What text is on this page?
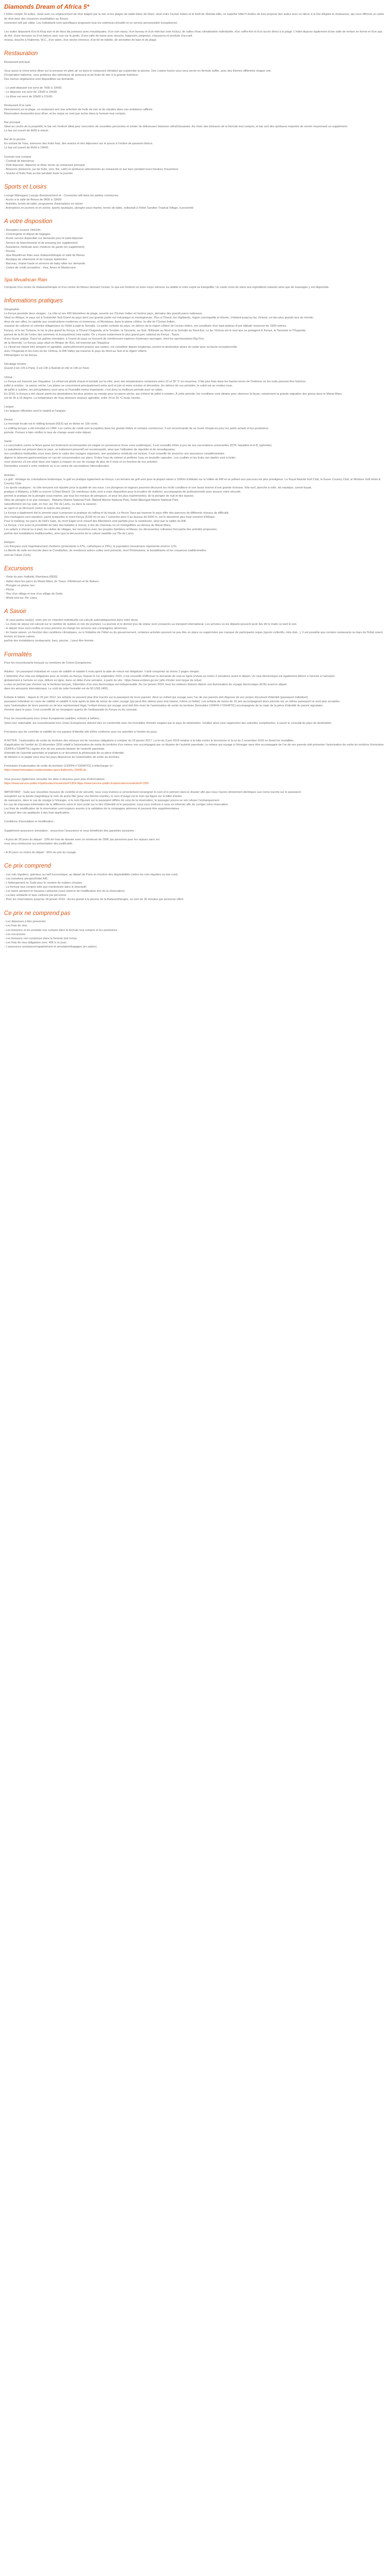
Diamonds Dream of Africa 5*
L'hôtel compte 33 suites. Juste avec un emplacement de rêve baigné par la mer et les plages de sable blanc de Diani, situé entre l'océan Indien et la forêt de Shimba Hills, ce superbe hôtel 5 étoiles de luxe propose des suites avec un décor à la fois élégant et chaleureux, qui vous offriront un cadre de rêve pour des vacances inoubliables au Kenya.
connexion wifi par câble. Les individuels sont spécifiques proposent tous les extérieurs privatifs et un service personnalisé exceptionnel.
Les suites disposent d'un lit King size et de deux lits jumeaux avec moustiquaire, d'un coin repos, d'un bureau et d'un mini-bar (non inclus), de salles d'eau climatisation individuelle, d'un coffre-fort et d'un accès direct à la plage. L'hôtel dispose également d'une salle de remise en forme et d'un spa.
du thé, d'une terrasse ou d'un balcon avec vue sur le jardin, d'une salle de bains avec douche, baignoire, peignoirs, chaussons et produits d'accueil.
réseau, douche à l'italienne, W.C., d'un salon, d'un sèche-cheveux, d'un kit de toilette, de serviettes de bain et de plage.
Restauration
Restaurant principal
Vous aurez le choix entre dîner sur la terrasse en plein air ou dans le restaurant climatisé qui surplombe la piscine. Une cuisine fusion vous sera servie en formule buffet, avec des thèmes différents chaque soir.
D'inspiration italienne, vous goûterez des sélections de poissons et de fruits de mer à la grande fraîcheur.
Des menus végétariens sont disponibles sur demande.
- Le petit déjeuner est servi de 7h00 à 10h00.
- Le déjeuner est servi de 13h00 à 14h30.
- Le dîner est servi de 20h00 à 21h30.
Restaurant À la carte
Directement sur la plage, ce restaurant sert une sélection de fruits de mer et de viandes dans une ambiance raffinée.
Réservation demandée pour dîner, et les repas ne sont pas inclus dans la formule tout compris.
Bar principal
Situé au centre de la propriété, le bar est l'endroit idéal pour rencontrer de nouvelles personnes et siroter de délicieuses boissons rafraîchissantes. Au choix des boissons de la formule tout compris, le bar sert des spiritueux importés de renom moyennant un supplément.
Le bar est ouvert de 9h00 à minuit.
Bar de la piscine
En sortant de l'eau, savourez des fruits frais, des snacks et des déjeuners sur le pouce à l'ombre de parasols blancs.
Le bar est ouvert de 9h00 à 19h00.
Formule tout compris
- Cocktail de bienvenue
- Petit déjeuner, déjeuner et dîner servis au restaurant principal
- Boissons (boissons, jus de fruits, vins, thé, café) et spiritueux sélectionnés au restaurant et aux bars pendant leurs horaires d'ouverture
- Snacks et fruits frais au bar pendant toute la journée
Sports et Loisirs
Lounge Mahogany Lounge divertissement et - Connexion wifi dans les parties communes
- Accès à la salle de fitness de 9h00 à 19h00
- Activités, tennis de table, programme d'animations en soirée
- Animations en journée et en soirée, sports nautiques, plongée sous-marine, tennis de table, volleyball à l'hôtel Sandies Tropical Village, à proximité
A votre disposition
- Réception ouverte 24h/24h
- Conciergerie et départ de bagages
- Room service disponible sur demande pour le petit-déjeuner
- Service de blanchisserie et de pressing (en supplément)
- Assistance médicale avec médecin de garde (en supplément)
- Piscine
- Spa Msuafrican Rain avec thalassothérapie et salle de fitness
- Boutique de vêtements et de marque éphémère
- Barceau, chaise haute et services de baby-sitter sur demande
- Cartes de crédit acceptées : Visa, Amex et Mastercard.
Spa Mvuafrican Rain
Composé d'un centre de thalassothérapie et d'un centre de fitness donnant l'océan, le spa est l'endroit où votre corps retrouve sa vitalité et votre esprit sa tranquillité. Un vaste choix de soins aux ingrédients naturels ainsi que de massages y est disponible.
Informations pratiques
Géographie :
Le Kenya possède deux visages : La côte et ses 400 kilomètres de plage, ouverte sur l'Océan Indien et l'arrière pays, domaine des grands parcs nationaux.
Situé en Afrique, le pays est à l'extrémité Sud-Ouest du pays dont une grande partie est volcanique et montagneuse. Plus à l'Ouest, les Highlands, région cosmopolite et élevée, s'étalent jusqu'au lac Victoria, un des plus grands lacs du monde.
deux de ses villes, la capitale aux constructions modernes et immenses, et Mombasa, dans la plaine côtière, la ville de l'Océan Indien.
massive de cultures et colonies villageoises où l'hôtel a jugé la Somalie. La partie centrale du pays, en dehors de la région côtière de l'océan Indien, est constituée d'un haut plateau d'une altitude moyenne de 1500 mètres.
Kenya), et le lac Turkana, le lac le plus grand du Kenya, à l'Ouest l'Ouganda, et le Soudan, la Tanzanie, au Sud, l'Éthiopie au Nord et la Somalie au Nord-Est. Le lac Victoria est le seul que se partagent le Kenya, la Tanzanie et l'Ouganda.
partout de la fin de l'ordre des sommets et écosystèmes très variés. On y trouve notamment le plus grand parc national du Kenya : Tsavo.
d'une faune unique. Dans les parties orientales, à l'ouest du pays se trouvent de nombreuses espèces d'animaux sauvages, dont les spectaculaires Big Five.
de la diversité. Le Kenya, pays situé en Afrique de l'Est, est traversé par l'équateur.
Le climat est réputé être tempéré et agréable, particulièrement propice aux safaris, est considéré depuis longtemps comme la destination phare du safari pour sa faune exceptionnelle.
avec l'Ouganda et les rives du lac Victoria, le Rift Valley qui traverse le pays du Nord au Sud et la région côtière.
Kilimandjaro vu du Kenya.
Décalage horaire :
Quand il est 12h à Paris, il est 13h à Nairobi en été et 14h en hiver.
Climat :
Le Kenya est traversé par l'équateur. Le climat est plutôt chaud et humide sur la côte, avec des températures comprises entre 22 et 30 °C en moyenne. Il fait plus frais dans les hautes terres de l'intérieur où les nuits peuvent être fraîches.
juillet à octobre : la saison sèche. Les pluies se concentrent principalement entre avril et juin et entre octobre et décembre. En dehors de ces périodes, le soleil est au rendez-vous.
de juillet à octobre, les précipitations sont rares et l'humidité moins importante, c'est donc la meilleure période pour un safari.
En 2016, le Kenya a été classé parmi les destinations les plus prisées au monde pour la saison sèche, qui s'étend de juillet à octobre. À cette période, les conditions sont idéales pour observer la faune, notamment la grande migration des gnous dans le Masai Mara.
est de 36 à 16 degrés. La température de l'eau demeure toujours agréable, entre 24 et 29 °C toute l'année.
Langue :
Les langues officielles sont le swahili et l'anglais.
Devise :
La monnaie locale est le shilling kenyan (KES) qui se divise en 100 cents.
Le shilling kenyan a été introduit en 1966. Les cartes de crédit sont acceptées dans les grands hôtels et certains commerces. Il est recommandé de se munir d'espèces pour les petits achats et les pourboires.
période. Pensez à bien vérifier le taux de change avant votre départ.
Santé :
La vaccination contre la fièvre jaune est fortement recommandée (et exigée en provenance d'une zone endémique). Il est conseillé d'être à jour de ses vaccinations universelles (DTP, hépatites A et B, typhoïde).
Le paludisme est présent dans le pays, un traitement préventif est recommandé, ainsi que l'utilisation de répulsifs et de moustiquaires.
nos conditions habituelles vous avez dans le cadre des voyages organisés, une assistance médicale est incluse. Il est conseillé de souscrire une assurance complémentaire.
digérer le tabouret gastronomique en cas de consommation sur place. Évitez l'eau du robinet et préférez l'eau en bouteille capsulée. Les crudités et les fruits non épelés sont à éviter.
vous réservez s'il est situé dans une région à risques en cas de voyage de plus de 6 mois et en fonction de vos activités.
Demandez conseil à votre médecin ou à un centre de vaccinations internationales.
Activités :
La golf : Héritage du colonialisme britannique, le golf se pratique également au Kenya. Les terrains de golf sont pour la plupart situés à 1500m d'altitude sur la Vallée du Rift et se prêtent aux parcours les plus prestigieux. Le Royal Nairobi Golf Club, le Karen Country Club, le Windsor Golf Hotel & Country Club.
Les sports nautiques : la côte kenyane est réputée pour la qualité de ses eaux. Les plongeurs et nageurs pourront découvrir les récifs coralliens et une faune marine d'une grande richesse. Kite-surf, planche à voile, ski nautique, canoë-kayak.
pratique à Watamu, à Kilifi ou encore à Diani Beach. De nombreux clubs sont à votre disposition pour la location de matériel, accompagnés de professionnels pour assurer votre sécurité.
permet la pratique de la plongée sous-marine, par tous les niveaux de plongeurs, et pour les plus expérimentés, de la plongée de nuit et des épaves.
Sites de plongée à ne pas manquer : Watamu Marine National Park, Malindi Marine National Park, Kisite-Mpunguti Marine National Park.
naturellement (en lac salé, en mer, sur l'île de Lamu, ou dans la savane).
au sport et se découvrir (selon la saison des pluies).
Le Kenya a également été le premier pays à proposer la pratique du rafting et du kayak. Le fleuve Tana qui traverse le pays offre des parcours de différents niveaux de difficulté.
Ses montagnes sont réputées, parmi lesquelles le mont Kenya (5199 m) et ses 7 sommets dont 3 au-dessus de 5000 m, est le deuxième plus haut sommet d'Afrique.
Pour le trekking, les parcs de Hell's Gate, du mont Elgon et le massif des Aberdares sont parfaits pour la randonnée, ainsi que la vallée du Rift.
Le Kenya, c'est aussi la possibilité de faire des balades à cheval, à dos de chameau ou en montgolfière au-dessus du Masai Mara.
Les safaris à cheval ou à pied, les visites de villages, les rencontres avec les peuples Samburu et Masaï, les découvertes culinaires font partie des activités proposées.
parfois des installations traditionnelles, ainsi que la découverte de la culture swahilie sur l'île de Lamu.
Religion :
Les Kenyans sont majoritairement chrétiens (protestants à 47%, catholiques à 23%), la population musulmane représente environ 11%.
La liberté de culte est inscrite dans la Constitution, de nombreux autres cultes sont présents, dont l'hindouisme, le bouddhisme et les croyances traditionnelles.
sont de l'islam (11%).
Excursions
- Visite du parc Hallwild, Mombasa (6830)
- Safari dans les parcs du Masai Mara, de Tsavo, d'Amboseli et de Nakuru
- Plongée en pleine mer
- Pêche
- Tour d'un village et tour d'un village de Gede
- Week-end sur l'île Lamu
A Savoir
- Si vous partez seul(e), votre prix en chambre individuelle est calculé automatiquement dans votre devis.
- Le choix de séjour est calculé sur le nombre de nuitées et non de journées. La journée et le dernier jour de séjour sont consacrés au transport international. Les arrivées ou les départs peuvent avoir lieu tôt le matin ou tard le soir.
- le départ nous sont confiés et nous prenons en charge les services aux compagnies aériennes.
- En haute saison, en fonction des conditions climatiques, ou à l'initiative de l'hôtel ou du gouvernement, certaines activités peuvent ne pas être en place ou supprimées par manque de participants requis (sports collectifs, mini-club...). Il est possible que certains restaurants ou bars de l'hôtel soient fermés en basse saison.
parfois des installations (restaurants, bars, piscine...) peut être fermée.
Formalités
Pour les ressortissants français ou membres de l'Union Européenne.
Adultes : Un passeport individuel en cours de validité et valable 6 mois après la date de retour est obligatoire. Il doit comporter au moins 2 pages vierges.
L'obtention d'un visa est obligatoire pour se rendre au Kenya. Depuis le 1er septembre 2015, il est conseillé d'effectuer la demande de visa en ligne (eVisa) au moins 2 semaines avant le départ. Un visa électronique est également délivré à l'arrivée à l'aéroport.
globalement à l'arrivée en visa, délivré en ligne, dans un délai d'une semaine, à partir du site : https://www.ecitizen.go.ke/ (afin d'éviter tout risque de refus)
e-visa ne permet pas d'entrer sur le territoire kenyan, l'obtention d'un visa électronique est indispensable. Au 1er janvier 2024, tous les visiteurs doivent obtenir une Autorisation de voyage électronique (ETA) avant le départ.
dans les aéroports internationaux. Le coût de cette formalité est de 50 USD (40€).
Enfants & bébés : depuis le 26 juin 2012, les enfants ne peuvent plus être inscrits sur le passeport de leurs parents. Ainsi un enfant qui voyage avec l'un de ses parents doit disposer de son propre document d'identité (passeport individuel).
passeport individuel en cours de validité et valable 6 mois après la date de retour de votre voyage (qui peut être obtenu pour tout mineur, même un bébé). Les enfants de moins de 16 ans accompagnant leurs parents sur un même passeport ne sont plus acceptés.
sans l'autorisation de leurs parents ou de leur représentant légal, l'enfant mineur qui voyage seul doit être muni de l'autorisation de sortie du territoire (formulaire CERFA n°15646*01) accompagnée de la copie de la pièce d'identité du parent signataire.
d'entrée dans le pays. Il est conseillé de se renseigner auprès de l'ambassade du Kenya ou du consulat.
Pour les ressortissants hors Union Européenne (adultes, enfants & bébés) :
Selon leur nationalité, les ressortissants hors Union Européenne doivent être en conformité avec les formalités d'entrée exigées par le pays de destination. Veuillez ainsi vous rapprocher des autorités compétentes, à savoir le consulat du pays de destination.
Précisions que de contrôler la validité de vos papiers d'identité afin d'être conforme avec les autorités à l'entrée du pays.
A NOTER : l'autorisation de sortie du territoire des mineurs est de nouveau obligatoire à compter du 15 janvier 2017. La loi du 3 juin 2016 relative à la lutte contre le terrorisme et la loi du 2 novembre 2016 en fixent les modalités.
d'application de l'arrêté du 13 décembre 2016 relatif à l'autorisation de sortie du territoire d'un mineur non accompagné par un titulaire de l'autorité parentale. Le mineur qui voyage à l'étranger sans être accompagné de l'un de ses parents doit présenter l'autorisation de sortie du territoire (formulaire CERFA n°15646*01) signée d'un de ses parents titulaire de l'autorité parentale.
d'identité de l'autorité parentale et joignant à ce document la photocopie de sa pièce d'identité.
de titulaire à ce papier pour tous les pays dépourvus de l'autorisation de sortie du territoire.
Formulaire d'autorisation de sortie du territoire (CERFA n°15646*01) à télécharger ici :
https://www.formulaires.modernisation.gouv.fr/gf/cerfa_15646.do
Vous pouvez également consulter les sites ci-dessous pour plus d'informations :
https://www.service-public.fr/particuliers/vosdroits/F1359 https://www.service-public.fr/particuliers/vosdroits/F1359
IMPORTANT : Suite aux nouvelles mesures de contrôle et de sécurité, nous vous invitons à correctement renseigner le nom et le prénom dans le dossier afin que nous l'ayons strictement identiques aux noms inscrits sur le passeport.
enregistré sur la bande magnétique le nom de jeune fille (pour une femme mariée), le nom d'usage est le nom qui figure sur le billet d'avion.
de naissance, dans le cas de voyage à l'étranger, si le nom figurant sur le passeport diffère de celui de la réservation, le passager pourra se voir refuser l'embarquement.
En cas de mauvaise information de la différence entre le nom porté sur le titre d'identité et le passeport, nous vous invitons à nous en informer afin de corriger votre réservation.
Les frais de modification de la réservation sont toujours soumis à la validation de la compagnie aérienne et peuvent être supplémentaires.
la plupart des cas appliqués à des frais applicables.
Conditions d'annulation et modification :
Supplément assurance annulation : souscrivez l'assurance et vous bénéficiez des garanties suivantes :
• A plus de 30 jours du départ : 10% de frais de dossier avec un minimum de 299€ par personne pour les séjours sans vol.
vous sera remboursé sur présentation des justificatifs.
• A 30 jours ou moins du départ : 95% du prix du voyage.
Ce prix comprend
- Les vols réguliers, spéciaux au tarif économique, au départ de Paris en fonction des disponibilités (selon les vols réguliers ou low cost).
- Les transferts aéroport/hôtel A/R.
- L'hébergement en Suite pour le nombre de nuitées choisies.
- La formule tout compris telle que mentionnée dans le descriptif.
- Les taxes aéroport et hausses carburant (sous réserve de modification lors de la réservation).
- La taxe solidarité et taxe carbone par personne.
- Pour les réservations jusqu'au 18 janvier 2019 : Accès gratuit à la piscine de la thalassothérapie, un soin de 30 minutes par personne offert.
Ce prix ne comprend pas
- Les dépenses à titre personnel.
- Les frais de visa.
- Les boissons et les produits non compris dans la formule tout compris et les pourboires.
- Les excursions.
- Les boissons non comprises dans la formule tout inclus.
- Les frais de visa obligatoire (env. 40€ à ce jour).
- L'assurance assistance/rapatriement et annulation/bagages (en option).
